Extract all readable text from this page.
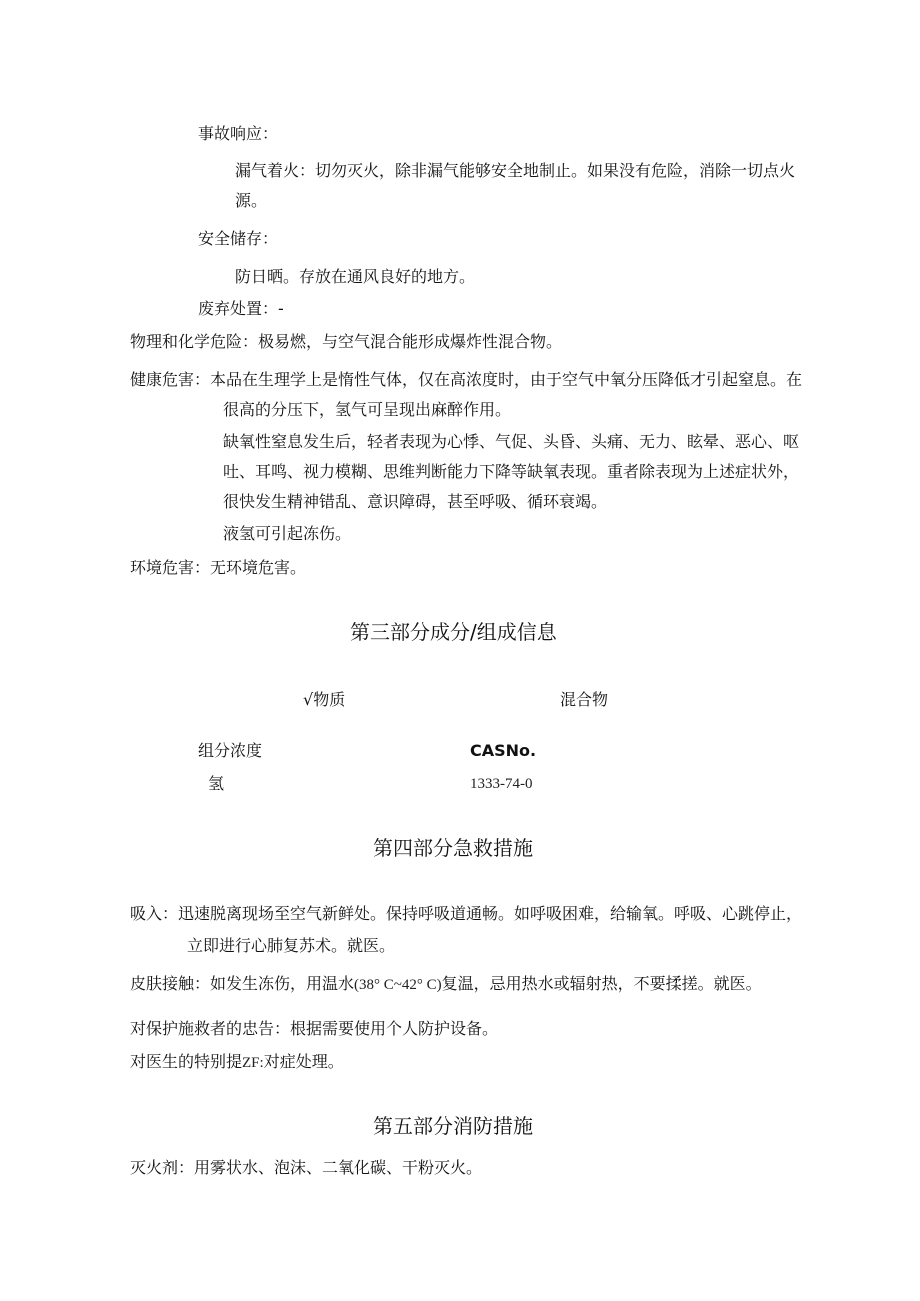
事故响应：
漏气着火：切勿灭火，除非漏气能够安全地制止。如果没有危险，消除一切点火
源。
安全储存：
防日晒。存放在通风良好的地方。
废弃处置：-
物理和化学危险：极易燃，与空气混合能形成爆炸性混合物。
健康危害：本品在生理学上是惰性气体，仅在高浓度时，由于空气中氧分压降低才引起窒息。在
很高的分压下，氢气可呈现出麻醉作用。
缺氧性窒息发生后，轻者表现为心悸、气促、头昏、头痛、无力、眩晕、恶心、呕
吐、耳鸣、视力模糊、思维判断能力下降等缺氧表现。重者除表现为上述症状外，
很快发生精神错乱、意识障碍，甚至呼吸、循环衰竭。
液氢可引起冻伤。
环境危害：无环境危害。
第三部分成分/组成信息
√物质	混合物
组分浓度	CASNo.
氢	1333-74-0
第四部分急救措施
吸入：迅速脱离现场至空气新鲜处。保持呼吸道通畅。如呼吸困难，给输氧。呼吸、心跳停止，
立即进行心肺复苏术。就医。
皮肤接触：如发生冻伤，用温水(38° C~42° C)复温，忌用热水或辐射热，不要揉搓。就医。
对保护施救者的忠告：根据需要使用个人防护设备。
对医生的特别提ZF:对症处理。
第五部分消防措施
灭火剂：用雾状水、泡沫、二氧化碳、干粉灭火。
